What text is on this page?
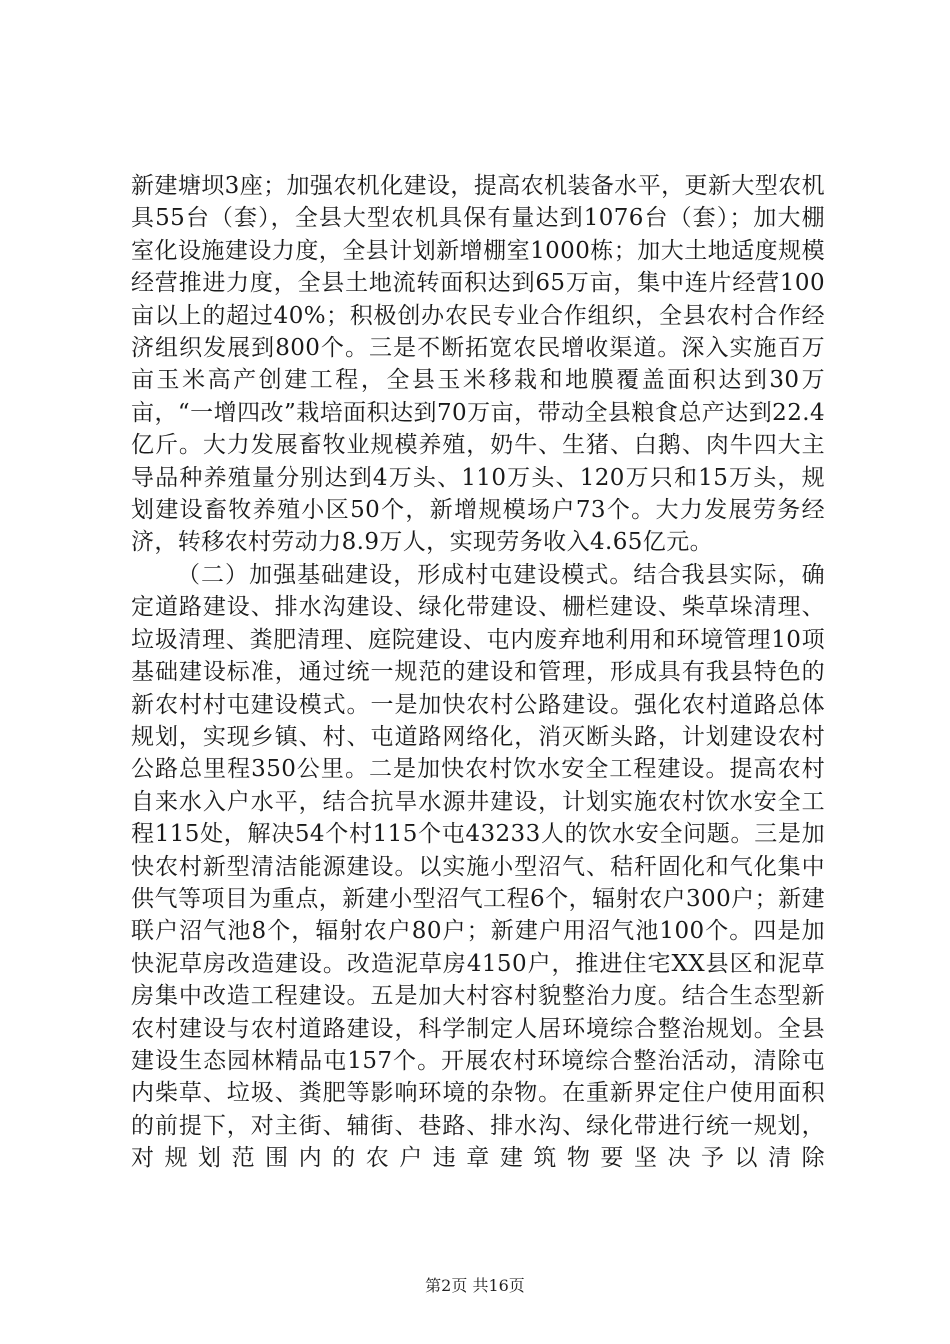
新建塘坝3座；加强农机化建设，提高农机装备水平，更新大型农机具55台（套），全县大型农机具保有量达到1076台（套）；加大棚室化设施建设力度，全县计划新增棚室1000栋；加大土地适度规模经营推进力度，全县土地流转面积达到65万亩，集中连片经营100亩以上的超过40%；积极创办农民专业合作组织，全县农村合作经济组织发展到800个。三是不断拓宽农民增收渠道。深入实施百万亩玉米高产创建工程，全县玉米移栽和地膜覆盖面积达到30万亩，“一增四改”栽培面积达到70万亩，带动全县粮食总产达到22.4亿斤。大力发展畜牧业规模养殖，奶牛、生猪、白鹅、肉牛四大主导品种养殖量分别达到4万头、110万头、120万只和15万头，规划建设畜牧养殖小区50个，新增规模场户73个。大力发展劳务经济，转移农村劳动力8.9万人，实现劳务收入4.65亿元。

（二）加强基础建设，形成村屯建设模式。结合我县实际，确定道路建设、排水沟建设、绿化带建设、栅栏建设、柴草垛清理、垃圾清理、粪肥清理、庭院建设、屯内废弃地利用和环境管理10项基础建设标准，通过统一规范的建设和管理，形成具有我县特色的新农村村屯建设模式。一是加快农村公路建设。强化农村道路总体规划，实现乡镇、村、屯道路网络化，消灭断头路，计划建设农村公路总里程350公里。二是加快农村饮水安全工程建设。提高农村自来水入户水平，结合抗旱水源井建设，计划实施农村饮水安全工程115处，解决54个村115个屯43233人的饮水安全问题。三是加快农村新型清洁能源建设。以实施小型沼气、秸秆固化和气化集中供气等项目为重点，新建小型沼气工程6个，辐射农户300户；新建联户沼气池8个，辐射农户80户；新建户用沼气池100个。四是加快泥草房改造建设。改造泥草房4150户，推进住宅XX县区和泥草房集中改造工程建设。五是加大村容村貌整治力度。结合生态型新农村建设与农村道路建设，科学制定人居环境综合整治规划。全县建设生态园林精品屯157个。开展农村环境综合整治活动，清除屯内柴草、垃圾、粪肥等影响环境的杂物。在重新界定住户使用面积的前提下，对主街、辅街、巷路、排水沟、绿化带进行统一规划，对规划范围内的农户违章建筑物要坚决予以清除

第2页 共16页
